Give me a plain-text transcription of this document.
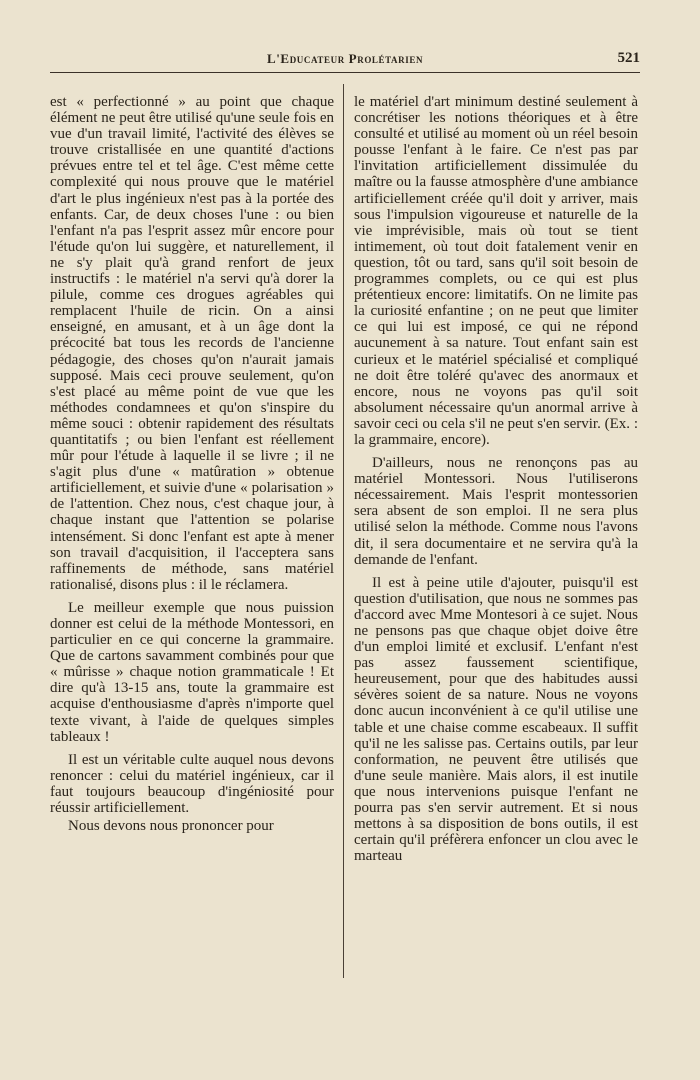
L'Educateur Prolétarien	521

est « perfectionné » au point que chaque élément ne peut être utilisé qu'une seule fois en vue d'un travail limité, l'activité des élèves se trouve cristallisée en une quantité d'actions prévues entre tel et tel âge. C'est même cette complexité qui nous prouve que le matériel d'art le plus ingénieux n'est pas à la portée des enfants. Car, de deux choses l'une : ou bien l'enfant n'a pas l'esprit assez mûr encore pour l'étude qu'on lui suggère, et naturellement, il ne s'y plait qu'à grand renfort de jeux instructifs : le matériel n'a servi qu'à dorer la pilule, comme ces drogues agréables qui remplacent l'huile de ricin. On a ainsi enseigné, en amusant, et à un âge dont la précocité bat tous les records de l'ancienne pédagogie, des choses qu'on n'aurait jamais supposé. Mais ceci prouve seulement, qu'on s'est placé au même point de vue que les méthodes condamnees et qu'on s'inspire du même souci : obtenir rapidement des résultats quantitatifs ; ou bien l'enfant est réellement mûr pour l'étude à laquelle il se livre ; il ne s'agit plus d'une « matûration » obtenue artificiellement, et suivie d'une « polarisation » de l'attention. Chez nous, c'est chaque jour, à chaque instant que l'attention se polarise intensément. Si donc l'enfant est apte à mener son travail d'acquisition, il l'acceptera sans raffinements de méthode, sans matériel rationalisé, disons plus : il le réclamera.

Le meilleur exemple que nous puission donner est celui de la méthode Montessori, en particulier en ce qui concerne la grammaire. Que de cartons savamment combinés pour que « mûrisse » chaque notion grammaticale ! Et dire qu'à 13-15 ans, toute la grammaire est acquise d'enthousiasme d'après n'importe quel texte vivant, à l'aide de quelques simples tableaux !

Il est un véritable culte auquel nous devons renoncer : celui du matériel ingénieux, car il faut toujours beaucoup d'ingéniosité pour réussir artificiellement.

Nous devons nous prononcer pour

le matériel d'art minimum destiné seulement à concrétiser les notions théoriques et à être consulté et utilisé au moment où un réel besoin pousse l'enfant à le faire. Ce n'est pas par l'invitation artificiellement dissimulée du maître ou la fausse atmosphère d'une ambiance artificiellement créée qu'il doit y arriver, mais sous l'impulsion vigoureuse et naturelle de la vie imprévisible, mais où tout se tient intimement, où tout doit fatalement venir en question, tôt ou tard, sans qu'il soit besoin de programmes complets, ou ce qui est plus prétentieux encore: limitatifs. On ne limite pas la curiosité enfantine ; on ne peut que limiter ce qui lui est imposé, ce qui ne répond aucunement à sa nature. Tout enfant sain est curieux et le matériel spécialisé et compliqué ne doit être toléré qu'avec des anormaux et encore, nous ne voyons pas qu'il soit absolument nécessaire qu'un anormal arrive à savoir ceci ou cela s'il ne peut s'en servir. (Ex. : la grammaire, encore).

D'ailleurs, nous ne renonçons pas au matériel Montessori. Nous l'utiliserons nécessairement. Mais l'esprit montessorien sera absent de son emploi. Il ne sera plus utilisé selon la méthode. Comme nous l'avons dit, il sera documentaire et ne servira qu'à la demande de l'enfant.

Il est à peine utile d'ajouter, puisqu'il est question d'utilisation, que nous ne sommes pas d'accord avec Mme Montesori à ce sujet. Nous ne pensons pas que chaque objet doive être d'un emploi limité et exclusif. L'enfant n'est pas assez faussement scientifique, heureusement, pour que des habitudes aussi sévères soient de sa nature. Nous ne voyons donc aucun inconvénient à ce qu'il utilise une table et une chaise comme escabeaux. Il suffit qu'il ne les salisse pas. Certains outils, par leur conformation, ne peuvent être utilisés que d'une seule manière. Mais alors, il est inutile que nous intervenions puisque l'enfant ne pourra pas s'en servir autrement. Et si nous mettons à sa disposition de bons outils, il est certain qu'il préfèrera enfoncer un clou avec le marteau
